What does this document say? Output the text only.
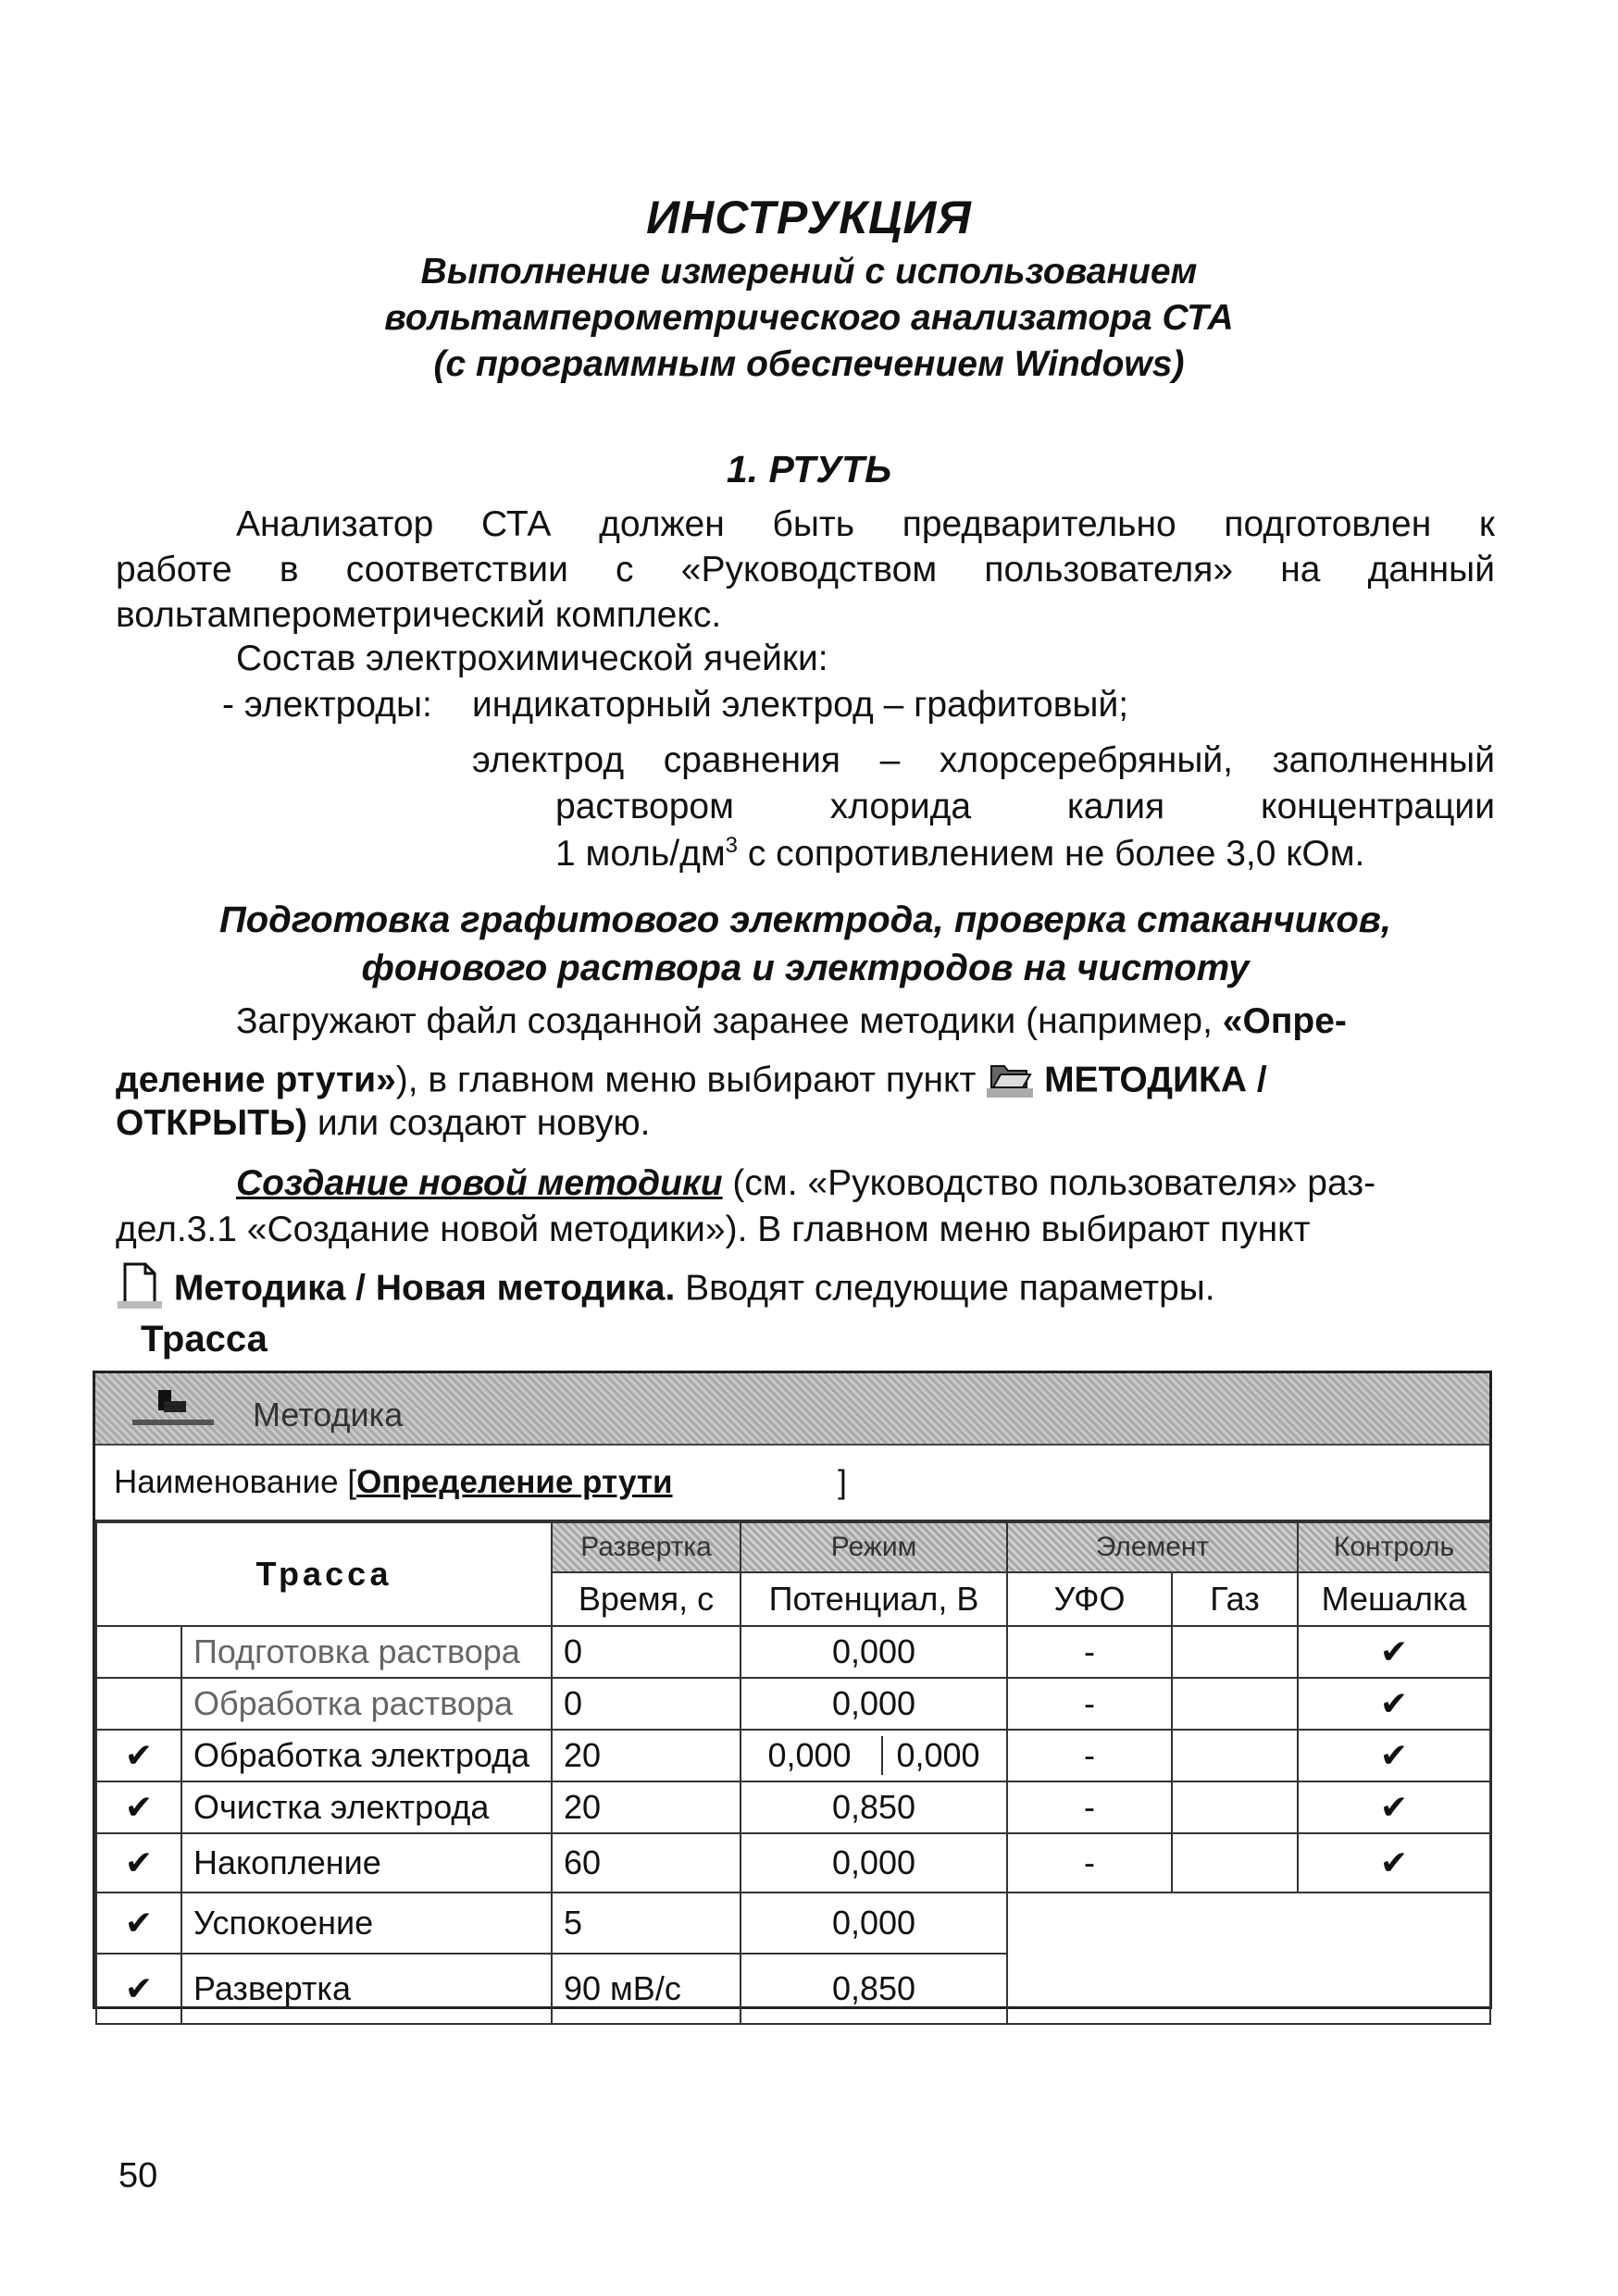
ИНСТРУКЦИЯ
Выполнение измерений с использованием
вольтамперометрического анализатора СТА
(с программным обеспечением Windows)
1. РТУТЬ
Анализатор СТА должен быть предварительно подготовлен к
работе в соответствии с «Руководством пользователя» на данный
вольтамперометрический комплекс.
Состав электрохимической ячейки:
- электроды: индикаторный электрод – графитовый;
электрод сравнения – хлорсеребряный, заполненный
раствором хлорида калия концентрации
1 моль/$дм^3$ с сопротивлением не более 3,0 кОм.
Подготовка графитового электрода, проверка стаканчиков,
фонового раствора и электродов на чистоту
Загружают файл созданной заранее методики (например, «Опре-
деление ртути»), в главном меню выбирают пункт  МЕТОДИКА /
ОТКРЫТЬ) или создают новую.
Создание новой методики (см. «Руководство пользователя» раз-
дел.3.1 «Создание новой методики»). В главном меню выбирают пункт
Методика / Новая методика. Вводят следующие параметры.
Трасса
Методика
Наименование [Определение ртути	]
Трасса		Развертка	Режим	Элемент		Контроль
		Время, с	Потенциал, В	УФО	Газ	Мешалка
	Подготовка раствора	0	0,000	-		✔
	Обработка раствора	0	0,000	-		✔
✔	Обработка электрода	20	0,000 0,000	-		✔
✔	Очистка электрода	20	0,850	-		✔
✔	Накопление	60	0,000	-		✔
✔	Успокоение	5	0,000			
✔	Развертка	90 мВ/с	0,850			
50
